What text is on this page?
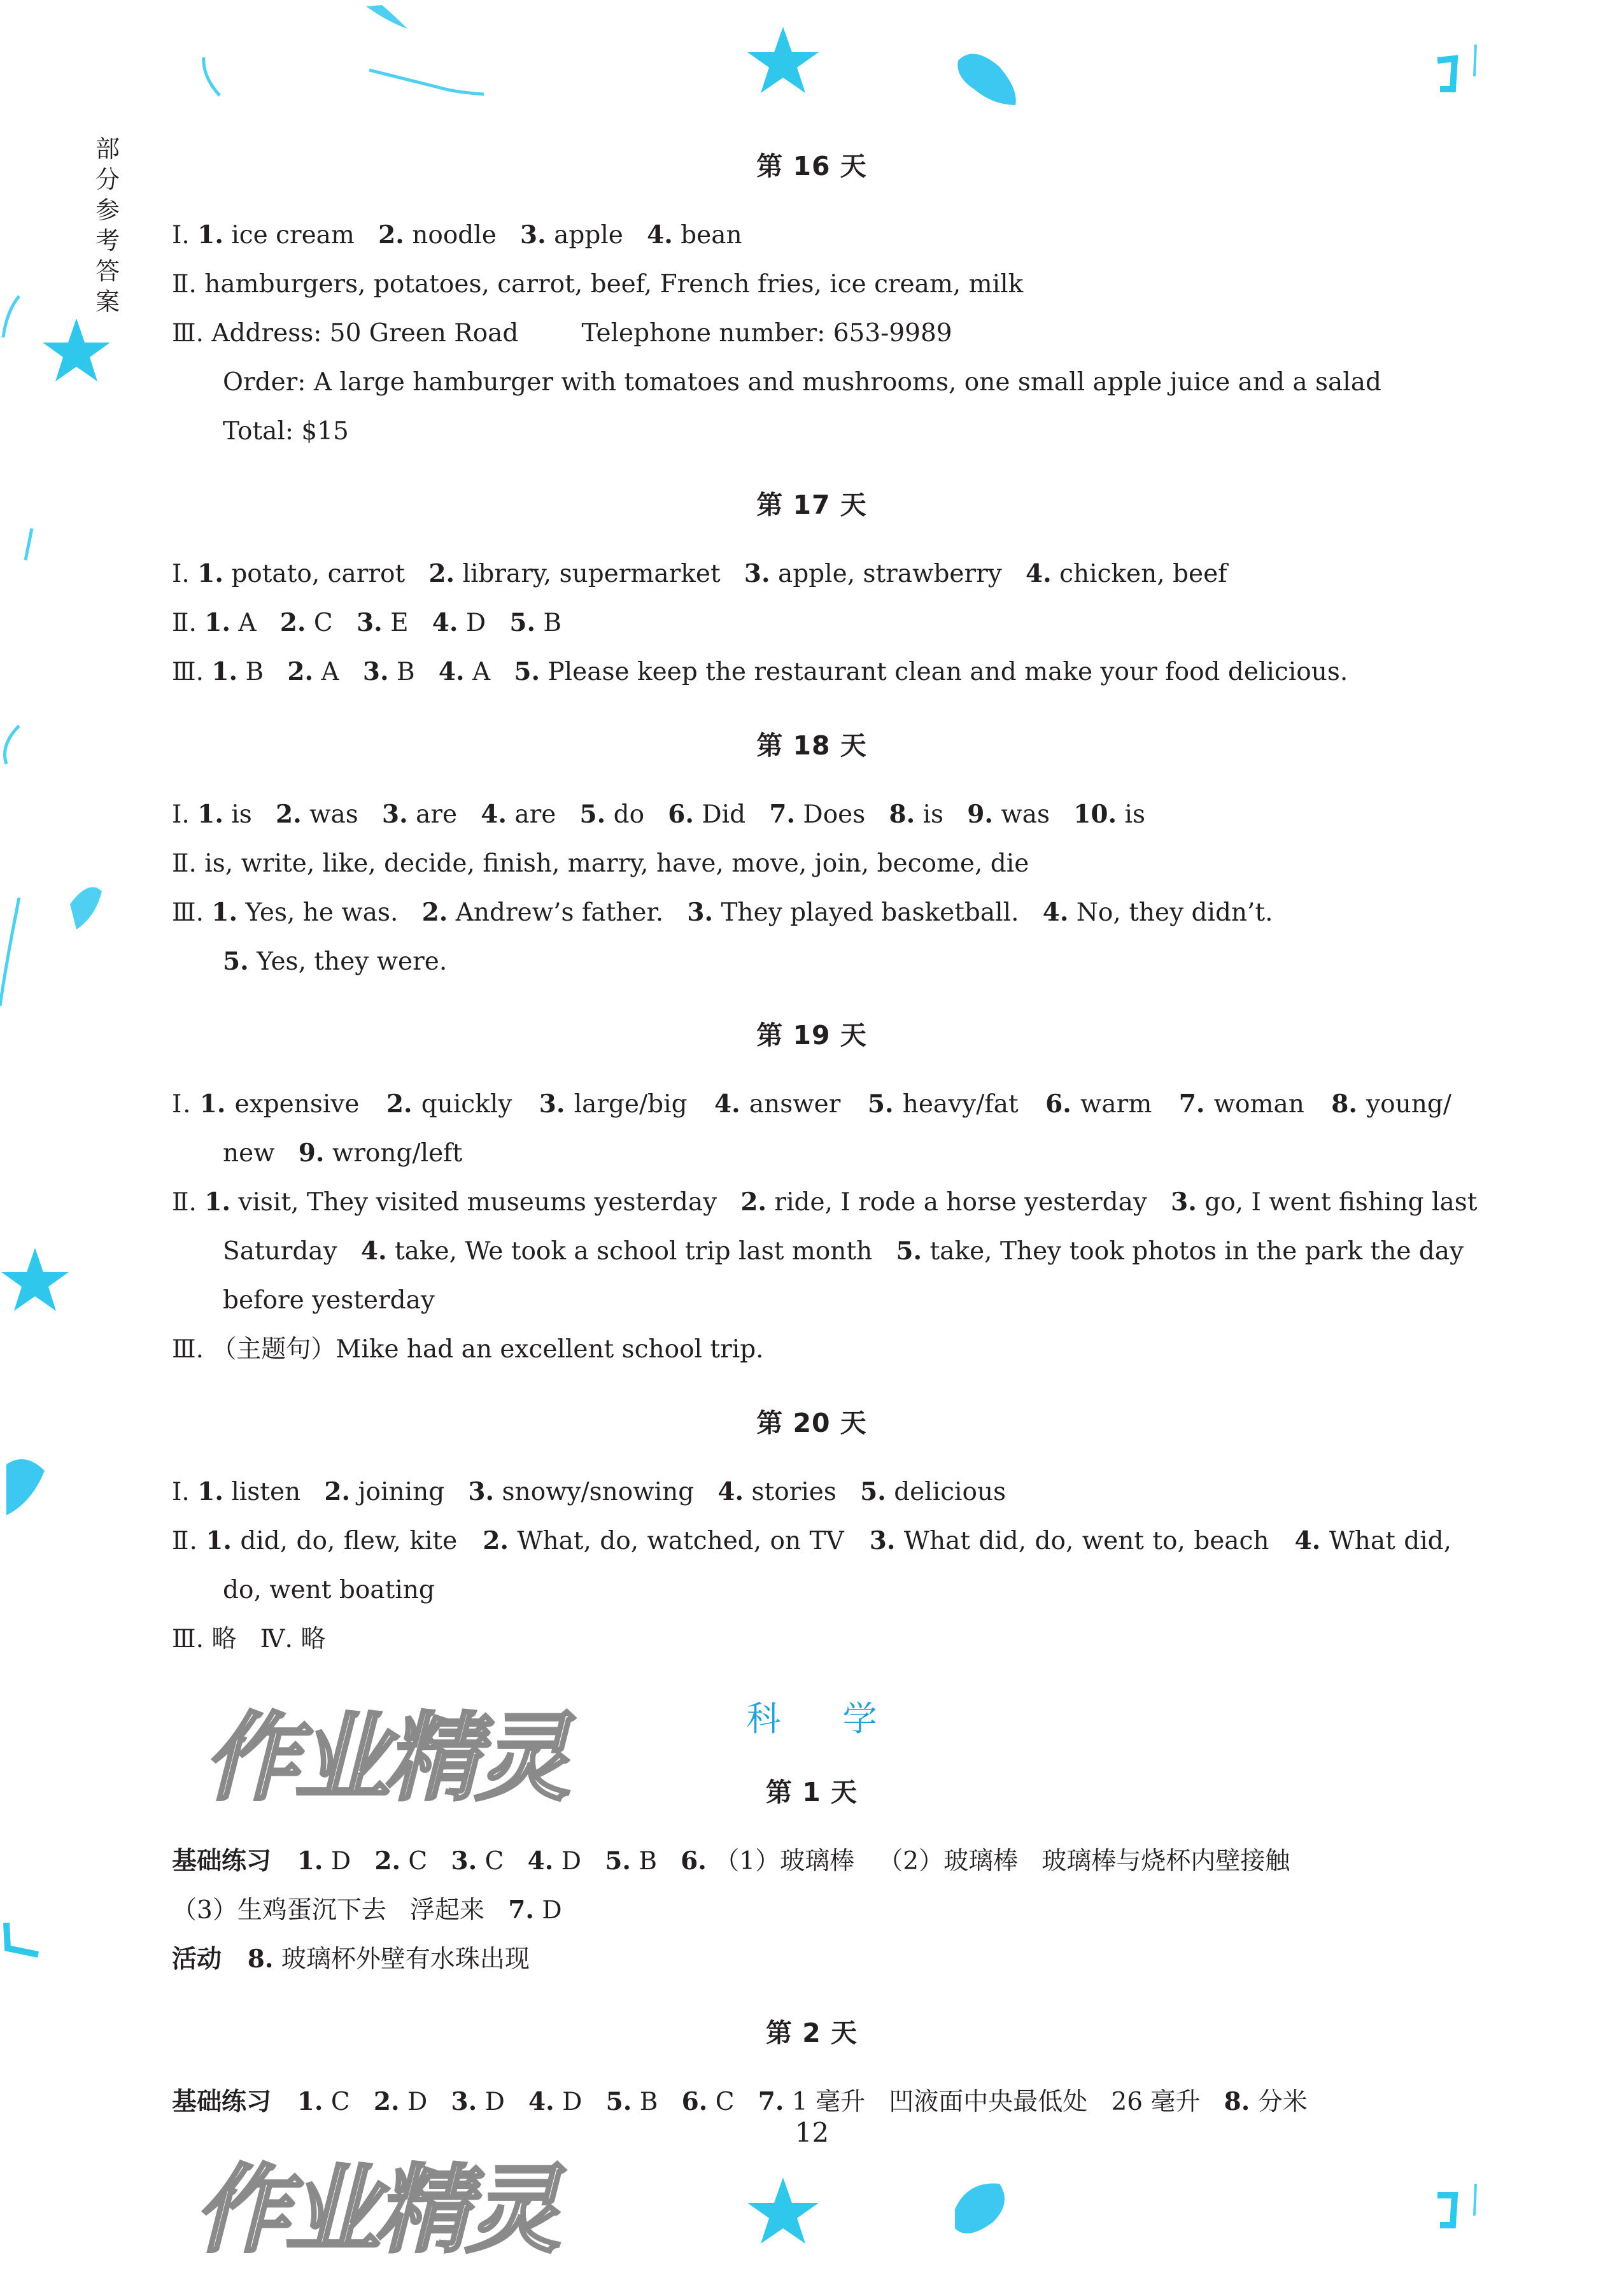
作业精灵
作业精灵
部分参考答案
第 16 天
Ⅰ. 1. ice cream   2. noodle   3. apple   4. bean
Ⅱ. hamburgers, potatoes, carrot, beef, French fries, ice cream, milk
Ⅲ. Address: 50 Green Road        Telephone number: 653-9989
Order: A large hamburger with tomatoes and mushrooms, one small apple juice and a salad
Total: $15
第 17 天
Ⅰ. 1. potato, carrot   2. library, supermarket   3. apple, strawberry   4. chicken, beef
Ⅱ. 1. A   2. C   3. E   4. D   5. B
Ⅲ. 1. B   2. A   3. B   4. A   5. Please keep the restaurant clean and make your food delicious.
第 18 天
Ⅰ. 1. is   2. was   3. are   4. are   5. do   6. Did   7. Does   8. is   9. was   10. is
Ⅱ. is, write, like, decide, finish, marry, have, move, join, become, die
Ⅲ. 1. Yes, he was.   2. Andrew’s father.   3. They played basketball.   4. No, they didn’t.
5. Yes, they were.
第 19 天
Ⅰ. 1. expensive   2. quickly   3. large/big   4. answer   5. heavy/fat   6. warm   7. woman   8. young/
new   9. wrong/left
Ⅱ. 1. visit, They visited museums yesterday   2. ride, I rode a horse yesterday   3. go, I went fishing last
Saturday   4. take, We took a school trip last month   5. take, They took photos in the park the day
before yesterday
Ⅲ. （主题句）Mike had an excellent school trip.
第 20 天
Ⅰ. 1. listen   2. joining   3. snowy/snowing   4. stories   5. delicious
Ⅱ. 1. did, do, flew, kite   2. What, do, watched, on TV   3. What did, do, went to, beach   4. What did,
do, went boating
Ⅲ. 略   Ⅳ. 略
科 学
第 1 天
基础练习   1. D   2. C   3. C   4. D   5. B   6. （1）玻璃棒   （2）玻璃棒   玻璃棒与烧杯内壁接触
（3）生鸡蛋沉下去   浮起来   7. D
活动   8. 玻璃杯外壁有水珠出现
第 2 天
基础练习   1. C   2. D   3. D   4. D   5. B   6. C   7. 1 毫升   凹液面中央最低处   26 毫升   8. 分米
12
